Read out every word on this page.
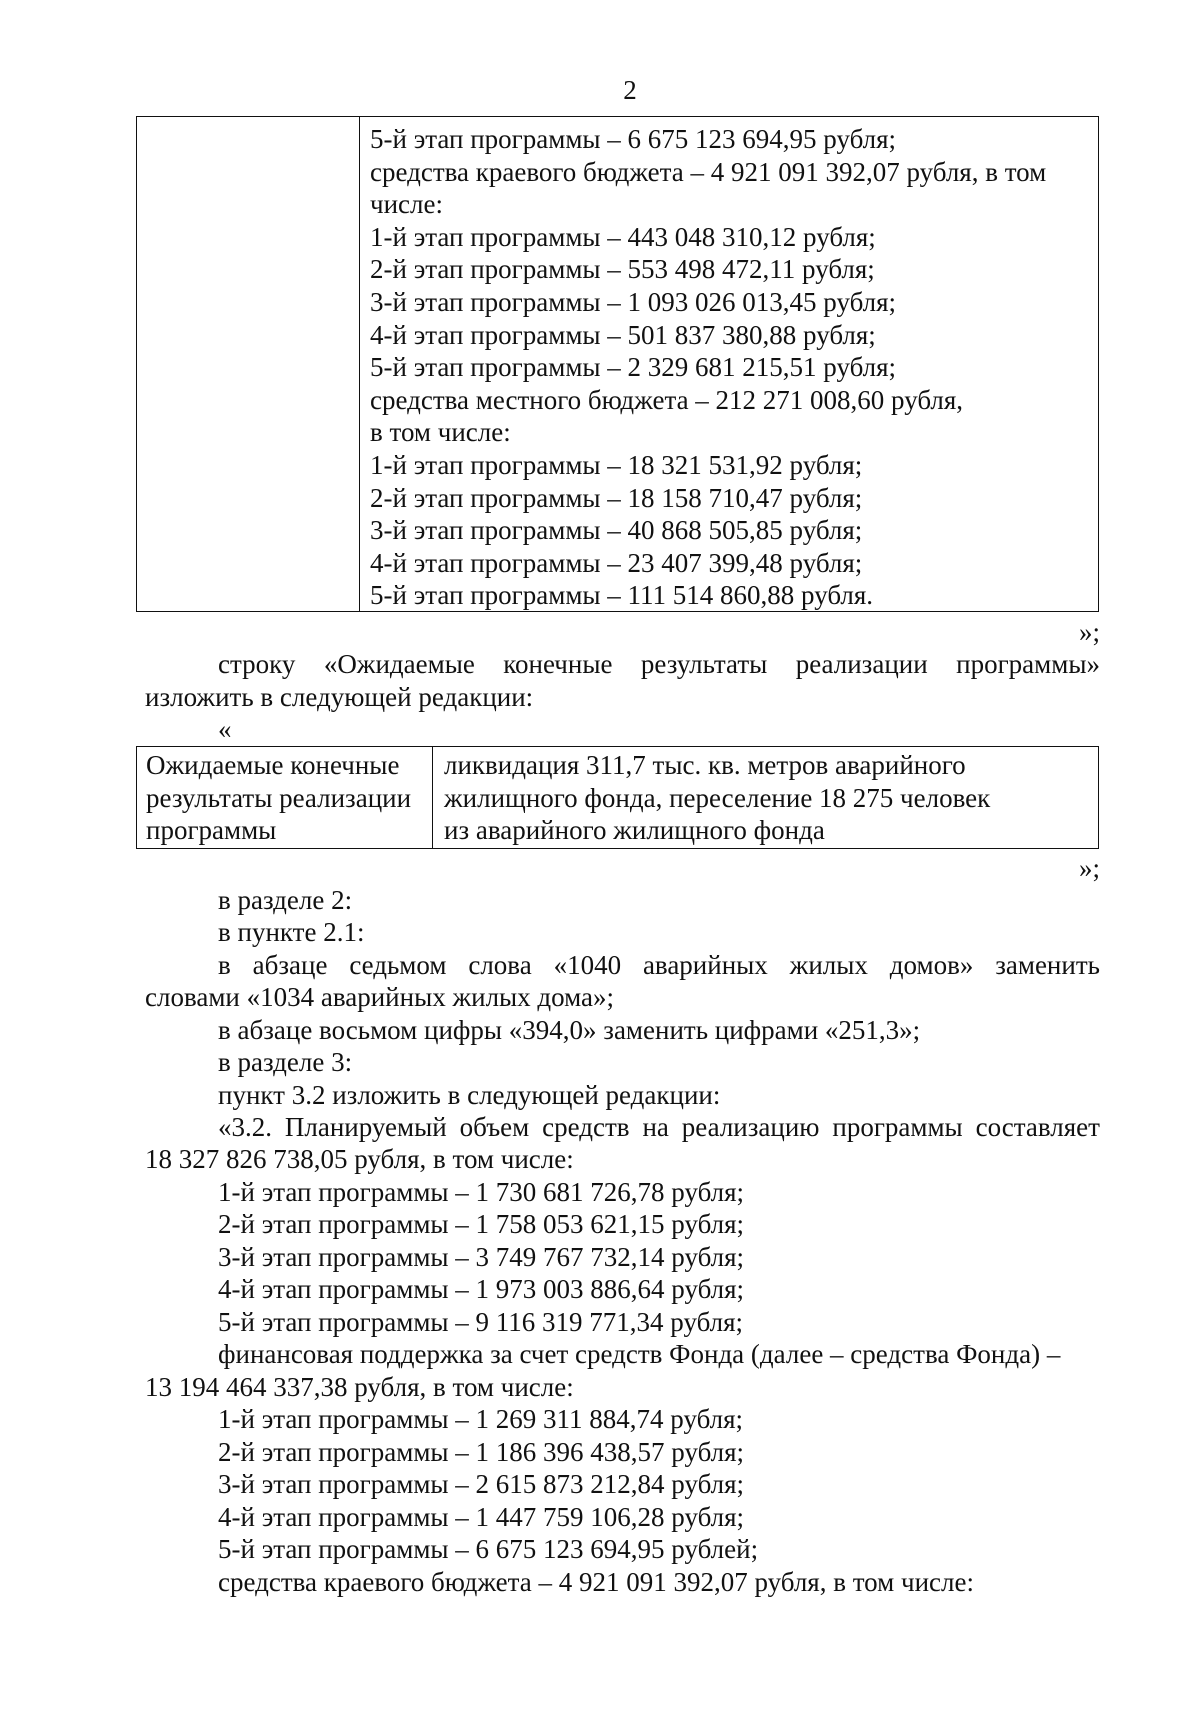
2
5-й этап программы – 6 675 123 694,95 рубля;
средства краевого бюджета – 4 921 091 392,07 рубля, в том
числе:
1-й этап программы – 443 048 310,12 рубля;
2-й этап программы – 553 498 472,11 рубля;
3-й этап программы – 1 093 026 013,45 рубля;
4-й этап программы – 501 837 380,88 рубля;
5-й этап программы – 2 329 681 215,51 рубля;
средства местного бюджета – 212 271 008,60 рубля,
в том числе:
1-й этап программы – 18 321 531,92 рубля;
2-й этап программы – 18 158 710,47 рубля;
3-й этап программы – 40 868 505,85 рубля;
4-й этап программы – 23 407 399,48 рубля;
5-й этап программы – 111 514 860,88 рубля.
»;
строку «Ожидаемые конечные результаты реализации программы»
изложить в следующей редакции:
«
Ожидаемые конечные
результаты реализации
программы
ликвидация 311,7 тыс. кв. метров аварийного
жилищного фонда, переселение 18 275 человек
из аварийного жилищного фонда
»;
в разделе 2:
в пункте 2.1:
в абзаце седьмом слова «1040 аварийных жилых домов» заменить
словами «1034 аварийных жилых дома»;
в абзаце восьмом цифры «394,0» заменить цифрами «251,3»;
в разделе 3:
пункт 3.2 изложить в следующей редакции:
«3.2. Планируемый объем средств на реализацию программы составляет
18 327 826 738,05 рубля, в том числе:
1-й этап программы – 1 730 681 726,78 рубля;
2-й этап программы – 1 758 053 621,15 рубля;
3-й этап программы – 3 749 767 732,14 рубля;
4-й этап программы – 1 973 003 886,64 рубля;
5-й этап программы – 9 116 319 771,34 рубля;
финансовая поддержка за счет средств Фонда (далее – средства Фонда) –
13 194 464 337,38 рубля, в том числе:
1-й этап программы – 1 269 311 884,74 рубля;
2-й этап программы – 1 186 396 438,57 рубля;
3-й этап программы – 2 615 873 212,84 рубля;
4-й этап программы – 1 447 759 106,28 рубля;
5-й этап программы – 6 675 123 694,95 рублей;
средства краевого бюджета – 4 921 091 392,07 рубля, в том числе:
